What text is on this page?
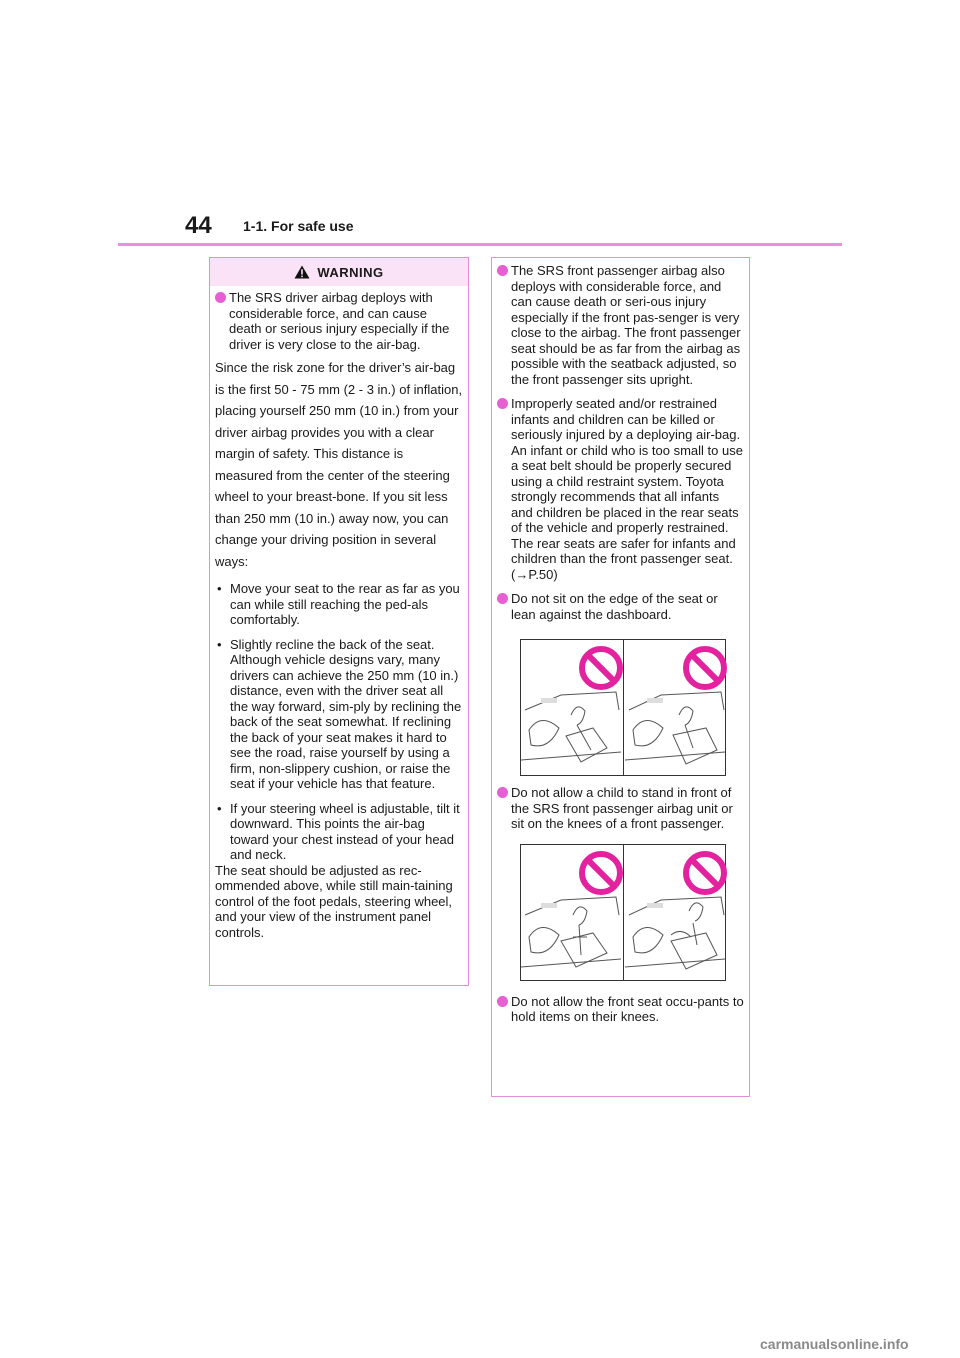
44 1-1. For safe use
WARNING
The SRS driver airbag deploys with considerable force, and can cause death or serious injury especially if the driver is very close to the air-bag.
Since the risk zone for the driver’s air-bag is the first 50 - 75 mm (2 - 3 in.) of inflation, placing yourself 250 mm (10 in.) from your driver airbag provides you with a clear margin of safety. This distance is measured from the center of the steering wheel to your breast-bone. If you sit less than 250 mm (10 in.) away now, you can change your driving position in several ways:
• Move your seat to the rear as far as you can while still reaching the ped-als comfortably.
• Slightly recline the back of the seat. Although vehicle designs vary, many drivers can achieve the 250 mm (10 in.) distance, even with the driver seat all the way forward, sim-ply by reclining the back of the seat somewhat. If reclining the back of your seat makes it hard to see the road, raise yourself by using a firm, non-slippery cushion, or raise the seat if your vehicle has that feature.
• If your steering wheel is adjustable, tilt it downward. This points the air-bag toward your chest instead of your head and neck.
The seat should be adjusted as rec-ommended above, while still main-taining control of the foot pedals, steering wheel, and your view of the instrument panel controls.
The SRS front passenger airbag also deploys with considerable force, and can cause death or seri-ous injury especially if the front pas-senger is very close to the airbag. The front passenger seat should be as far from the airbag as possible with the seatback adjusted, so the front passenger sits upright.
Improperly seated and/or restrained infants and children can be killed or seriously injured by a deploying air-bag. An infant or child who is too small to use a seat belt should be properly secured using a child restraint system. Toyota strongly recommends that all infants and children be placed in the rear seats of the vehicle and properly restrained. The rear seats are safer for infants and children than the front passenger seat. (→P.50)
Do not sit on the edge of the seat or lean against the dashboard.
Do not allow a child to stand in front of the SRS front passenger airbag unit or sit on the knees of a front passenger.
Do not allow the front seat occu-pants to hold items on their knees.
carmanualsonline.info
